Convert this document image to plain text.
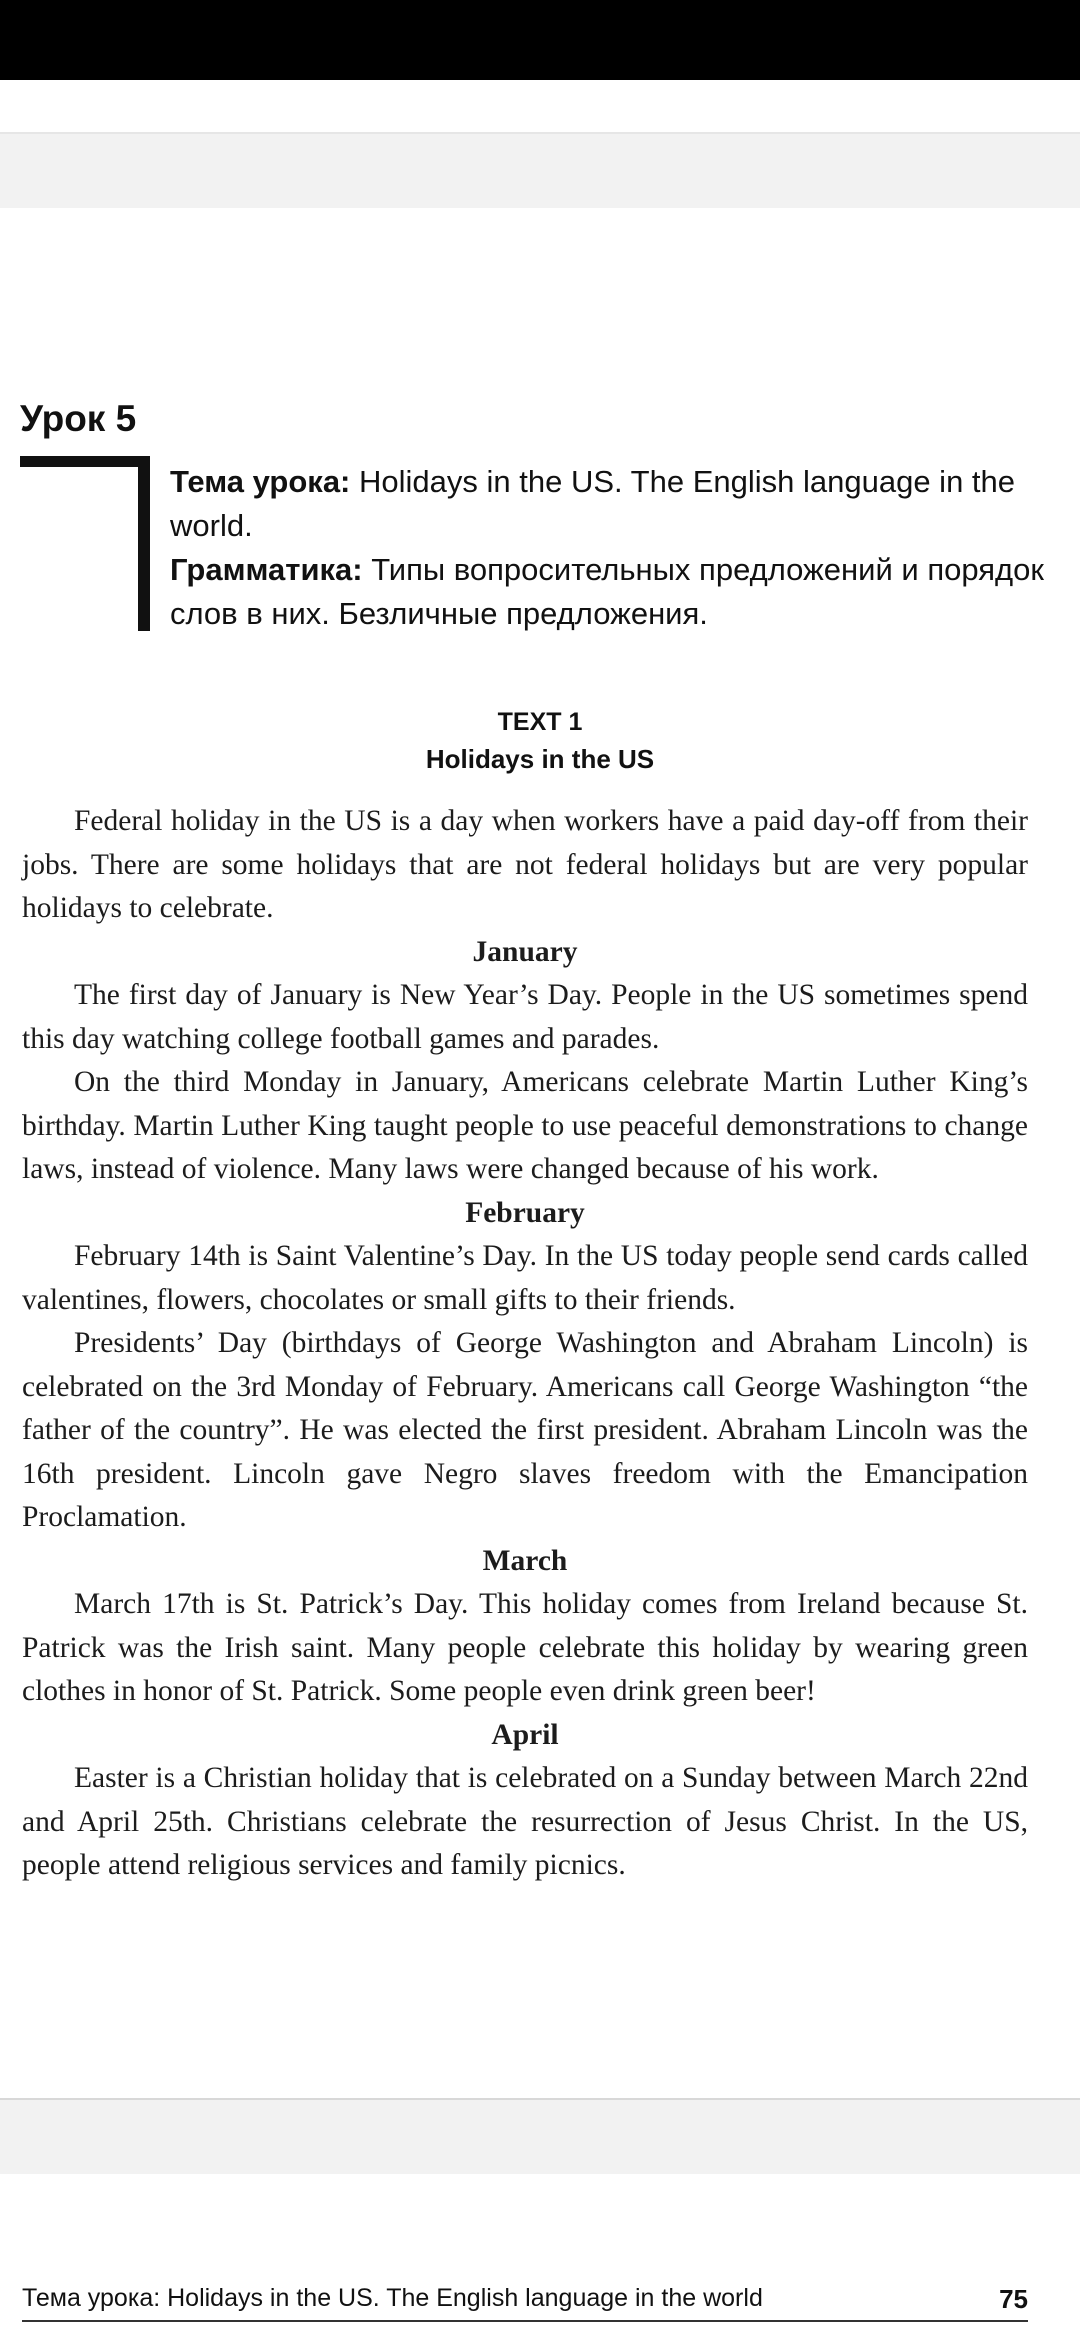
Урок 5
Тема урока: Holidays in the US. The English language in the world.
Грамматика: Типы вопросительных предложений и порядок слов в них. Безличные предложения.
TEXT 1
Holidays in the US

Federal holiday in the US is a day when workers have a paid day-off from their jobs. There are some holidays that are not federal holidays but are very popular holidays to celebrate.

January

The first day of January is New Year’s Day. People in the US sometimes spend this day watching college football games and parades.

On the third Monday in January, Americans celebrate Martin Luther King’s birthday. Martin Luther King taught people to use peaceful demonstrations to change laws, instead of violence. Many laws were changed because of his work.

February

February 14th is Saint Valentine’s Day. In the US today people send cards called valentines, flowers, chocolates or small gifts to their friends.

Presidents’ Day (birthdays of George Washington and Abraham Lincoln) is celebrated on the 3rd Monday of February. Americans call George Washington “the father of the country”. He was elected the first president. Abraham Lincoln was the 16th president. Lincoln gave Negro slaves freedom with the Emancipation Proclamation.

March

March 17th is St. Patrick’s Day. This holiday comes from Ireland because St. Patrick was the Irish saint. Many people celebrate this holiday by wearing green clothes in honor of St. Patrick. Some people even drink green beer!

April

Easter is a Christian holiday that is celebrated on a Sunday between March 22nd and April 25th. Christians celebrate the resurrection of Jesus Christ. In the US, people attend religious services and family picnics.

Тема урока: Holidays in the US. The English language in the world	75
